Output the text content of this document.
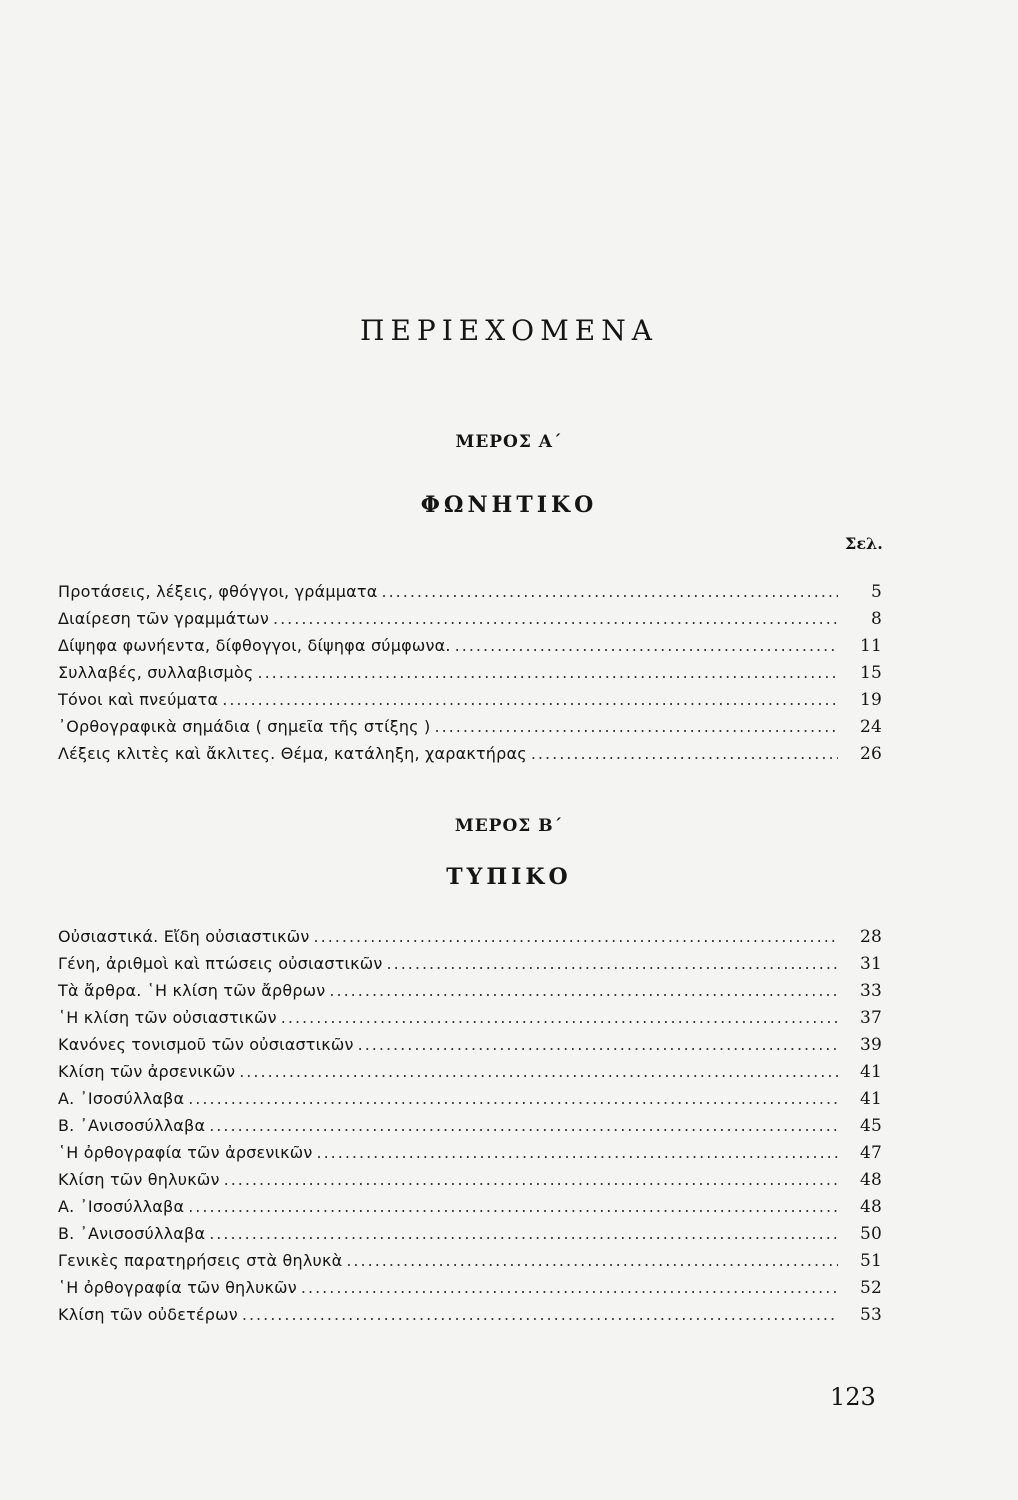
ΠΕΡΙΕΧΟΜΕΝΑ
ΜΕΡΟΣ Α΄
ΦΩΝΗΤΙΚΟ
Σελ.
Προτάσεις, λέξεις, φθόγγοι, γράμματα .....	5
Διαίρεση τῶν γραμμάτων .....	8
Δίψηφα φωνήεντα, δίφθογγοι, δίψηφα σύμφωνα. .....	11
Συλλαβές, συλλαβισμὸς .....	15
Τόνοι καὶ πνεύματα .....	19
᾿Ορθογραφικὰ σημάδια ( σημεῖα τῆς στίξης ) .....	24
Λέξεις κλιτὲς καὶ ἄκλιτες. Θέμα, κατάληξη, χαρακτήρας .....	26
ΜΕΡΟΣ Β΄
ΤΥΠΙΚΟ
Οὐσιαστικά. Εἴδη οὐσιαστικῶν .....	28
Γένη, ἀριθμοὶ καὶ πτώσεις οὐσιαστικῶν .....	31
Τὰ ἄρθρα. ῾Η κλίση τῶν ἄρθρων .....	33
῾Η κλίση τῶν οὐσιαστικῶν .....	37
Κανόνες τονισμοῦ τῶν οὐσιαστικῶν .....	39
Κλίση τῶν ἀρσενικῶν .....	41
Α. ᾿Ισοσύλλαβα .....	41
Β. ᾿Ανισοσύλλαβα .....	45
῾Η ὀρθογραφία τῶν ἀρσενικῶν .....	47
Κλίση τῶν θηλυκῶν .....	48
Α. ᾿Ισοσύλλαβα .....	48
Β. ᾿Ανισοσύλλαβα .....	50
Γενικὲς παρατηρήσεις στὰ θηλυκὰ .....	51
῾Η ὀρθογραφία τῶν θηλυκῶν .....	52
Κλίση τῶν οὐδετέρων .....	53
123
